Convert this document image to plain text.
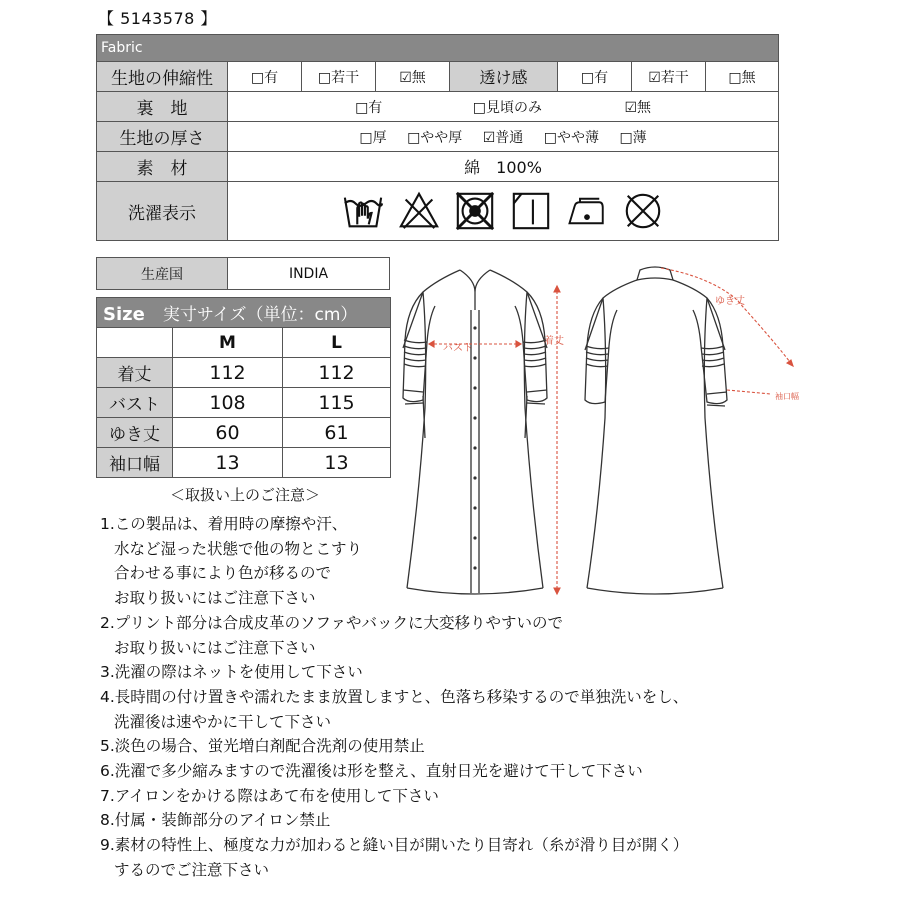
【 5143578 】
Fabric							
生地の伸縮性	□有	□若干	☑無	透け感	□有	☑若干	□無
裏　地	□有 □見頃のみ ☑無						
生地の厚さ	□厚 □やや厚 ☑普通 □やや薄 □薄						
素　材	綿　100%						
洗濯表示	
生産国	INDIA
Size 実寸サイズ（単位：cm）		
	M	L
着丈	112	112
バスト	108	115
ゆき丈	60	61
袖口幅	13	13
バスト
着丈
ゆき丈
袖口幅
＜取扱い上のご注意＞
1.この製品は、着用時の摩擦や汗、
水など湿った状態で他の物とこすり
合わせる事により色が移るので
お取り扱いにはご注意下さい
2.プリント部分は合成皮革のソファやバックに大変移りやすいので
お取り扱いにはご注意下さい
3.洗濯の際はネットを使用して下さい
4.長時間の付け置きや濡れたまま放置しますと、色落ち移染するので単独洗いをし、
洗濯後は速やかに干して下さい
5.淡色の場合、蛍光増白剤配合洗剤の使用禁止
6.洗濯で多少縮みますので洗濯後は形を整え、直射日光を避けて干して下さい
7.アイロンをかける際はあて布を使用して下さい
8.付属・装飾部分のアイロン禁止
9.素材の特性上、極度な力が加わると縫い目が開いたり目寄れ（糸が滑り目が開く）
するのでご注意下さい
